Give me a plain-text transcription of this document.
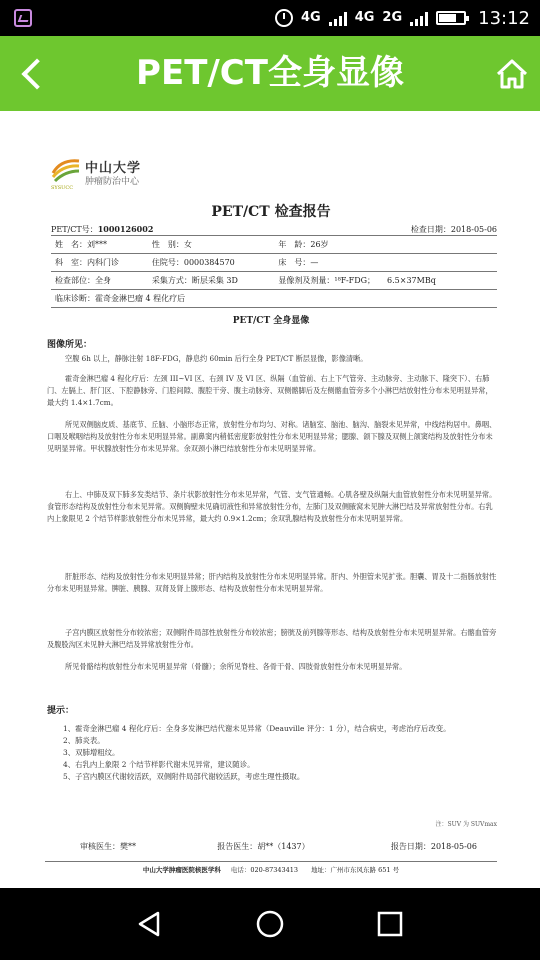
4G	4G 2G	13:12
PET/CT全身显像
中山大学
肿瘤防治中心
SYSUCC
PET/CT 检查报告
PET/CT号：1000126002	检查日期：2018-05-06
姓　名：刘***	性　别：女	年　龄：26岁
科　室：内科门诊	住院号：0000384570	床　号：—
检查部位：全身	采集方式：断层采集 3D	显像剂及剂量：¹⁸F-FDG；　　6.5×37MBq
临床诊断：霍奇金淋巴瘤 4 程化疗后		
PET/CT 全身显像
图像所见：
空腹 6h 以上，静脉注射 18F-FDG，静息约 60min 后行全身 PET/CT 断层显像，影像清晰。
霍奇金淋巴瘤 4 程化疗后：左颈 III~VI 区、右颈 IV 及 VI 区、纵隔（血管前、右上下气管旁、主动脉旁、主动脉下、隆突下）、右肺门、左膈上、肝门区、下腔静脉旁、门腔间隙、腹腔干旁、腹主动脉旁、双侧髂脚后及左侧髂血管旁多个小淋巴结放射性分布未见明显异常，最大约 1.4×1.7cm。
所见双侧脑皮质、基底节、丘脑、小脑形态正常，放射性分布均匀、对称。诸脑室、脑池、脑沟、脑裂未见异常，中线结构居中。鼻咽、口咽及喉咽结构及放射性分布未见明显异常。副鼻窦内稍低密度影放射性分布未见明显异常；腮腺、颌下腺及双侧上颌窦结构及放射性分布未见明显异常。甲状腺放射性分布未见异常。余双颈小淋巴结放射性分布未见明显异常。
右上、中肺及双下肺多发类结节、条片状影放射性分布未见异常，气管、支气管通畅。心肌各壁及纵隔大血管放射性分布未见明显异常。食管形态结构及放射性分布未见异常。双侧胸壁未见确切液性和异常放射性分布，左肺门及双侧腋窝未见肿大淋巴结及异常放射性分布。右乳内上象限见 2 个结节样影放射性分布未见异常，最大约 0.9×1.2cm；余双乳腺结构及放射性分布未见明显异常。
肝脏形态、结构及放射性分布未见明显异常；肝内结构及放射性分布未见明显异常。肝内、外胆管未见扩张。胆囊、胃及十二指肠放射性分布未见明显异常。脾脏、胰腺、双肾及肾上腺形态、结构及放射性分布未见明显异常。
子宫内膜区放射性分布较浓密；双侧附件局部性放射性分布较浓密；膀胱及前列腺等形态、结构及放射性分布未见明显异常。右髂血管旁及腹股沟区未见肿大淋巴结及异常放射性分布。
所见骨骼结构放射性分布未见明显异常（骨髓）；余所见脊柱、各骨干骨、四肢骨放射性分布未见明显异常。
提示：
1、霍奇金淋巴瘤 4 程化疗后：全身多发淋巴结代谢未见异常（Deauville 评分：1 分），结合病史，考虑治疗后改变。
2、肺炎表。
3、双肺增粗纹。
4、右乳内上象限 2 个结节样影代谢未见异常，建议随诊。
5、子宫内膜区代谢较活跃，双侧附件局部代谢较活跃，考虑生理性摄取。
注：SUV 为 SUVmax
审核医生：樊**	报告医生：胡**（1437）	报告日期：2018-05-06
中山大学肿瘤医院核医学科 电话：020-87343413　　地址：广州市东风东路 651 号
